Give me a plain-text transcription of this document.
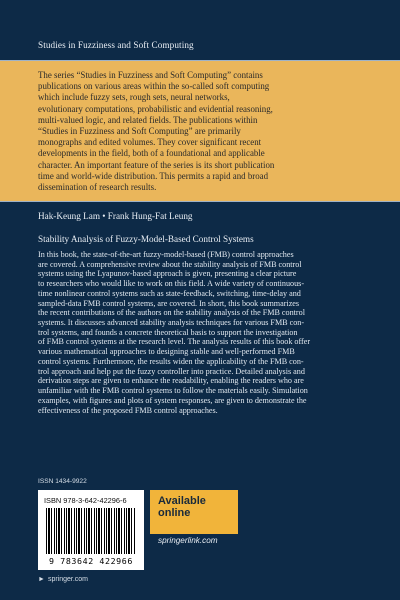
Studies in Fuzziness and Soft Computing
The series “Studies in Fuzziness and Soft Computing” contains
publications on various areas within the so-called soft computing
which include fuzzy sets, rough sets, neural networks,
evolutionary computations, probabilistic and evidential reasoning,
multi-valued logic, and related fields. The publications within
“Studies in Fuzziness and Soft Computing” are primarily
monographs and edited volumes. They cover significant recent
developments in the field, both of a foundational and applicable
character. An important feature of the series is its short publication
time and world-wide distribution. This permits a rapid and broad
dissemination of research results.
Hak-Keung Lam • Frank Hung-Fat Leung
Stability Analysis of Fuzzy-Model-Based Control Systems
In this book, the state-of-the-art fuzzy-model-based (FMB) control approaches
are covered. A comprehensive review about the stability analysis of FMB control
systems using the Lyapunov-based approach is given, presenting a clear picture
to researchers who would like to work on this field. A wide variety of continuous-
time nonlinear control systems such as state-feedback, switching, time-delay and
sampled-data FMB control systems, are covered. In short, this book summarizes
the recent contributions of the authors on the stability analysis of the FMB control
systems. It discusses advanced stability analysis techniques for various FMB con-
trol systems, and founds a concrete theoretical basis to support the investigation
of FMB control systems at the research level. The analysis results of this book offer
various mathematical approaches to designing stable and well-performed FMB
control systems. Furthermore, the results widen the applicability of the FMB con-
trol approach and help put the fuzzy controller into practice. Detailed analysis and
derivation steps are given to enhance the readability, enabling the readers who are
unfamiliar with the FMB control systems to follow the materials easily. Simulation
examples, with figures and plots of system responses, are given to demonstrate the
effectiveness of the proposed FMB control approaches.
ISSN 1434-9922
ISBN 978-3-642-42296-6
9 783642 422966
► springer.com
Available
online
springerlink.com
